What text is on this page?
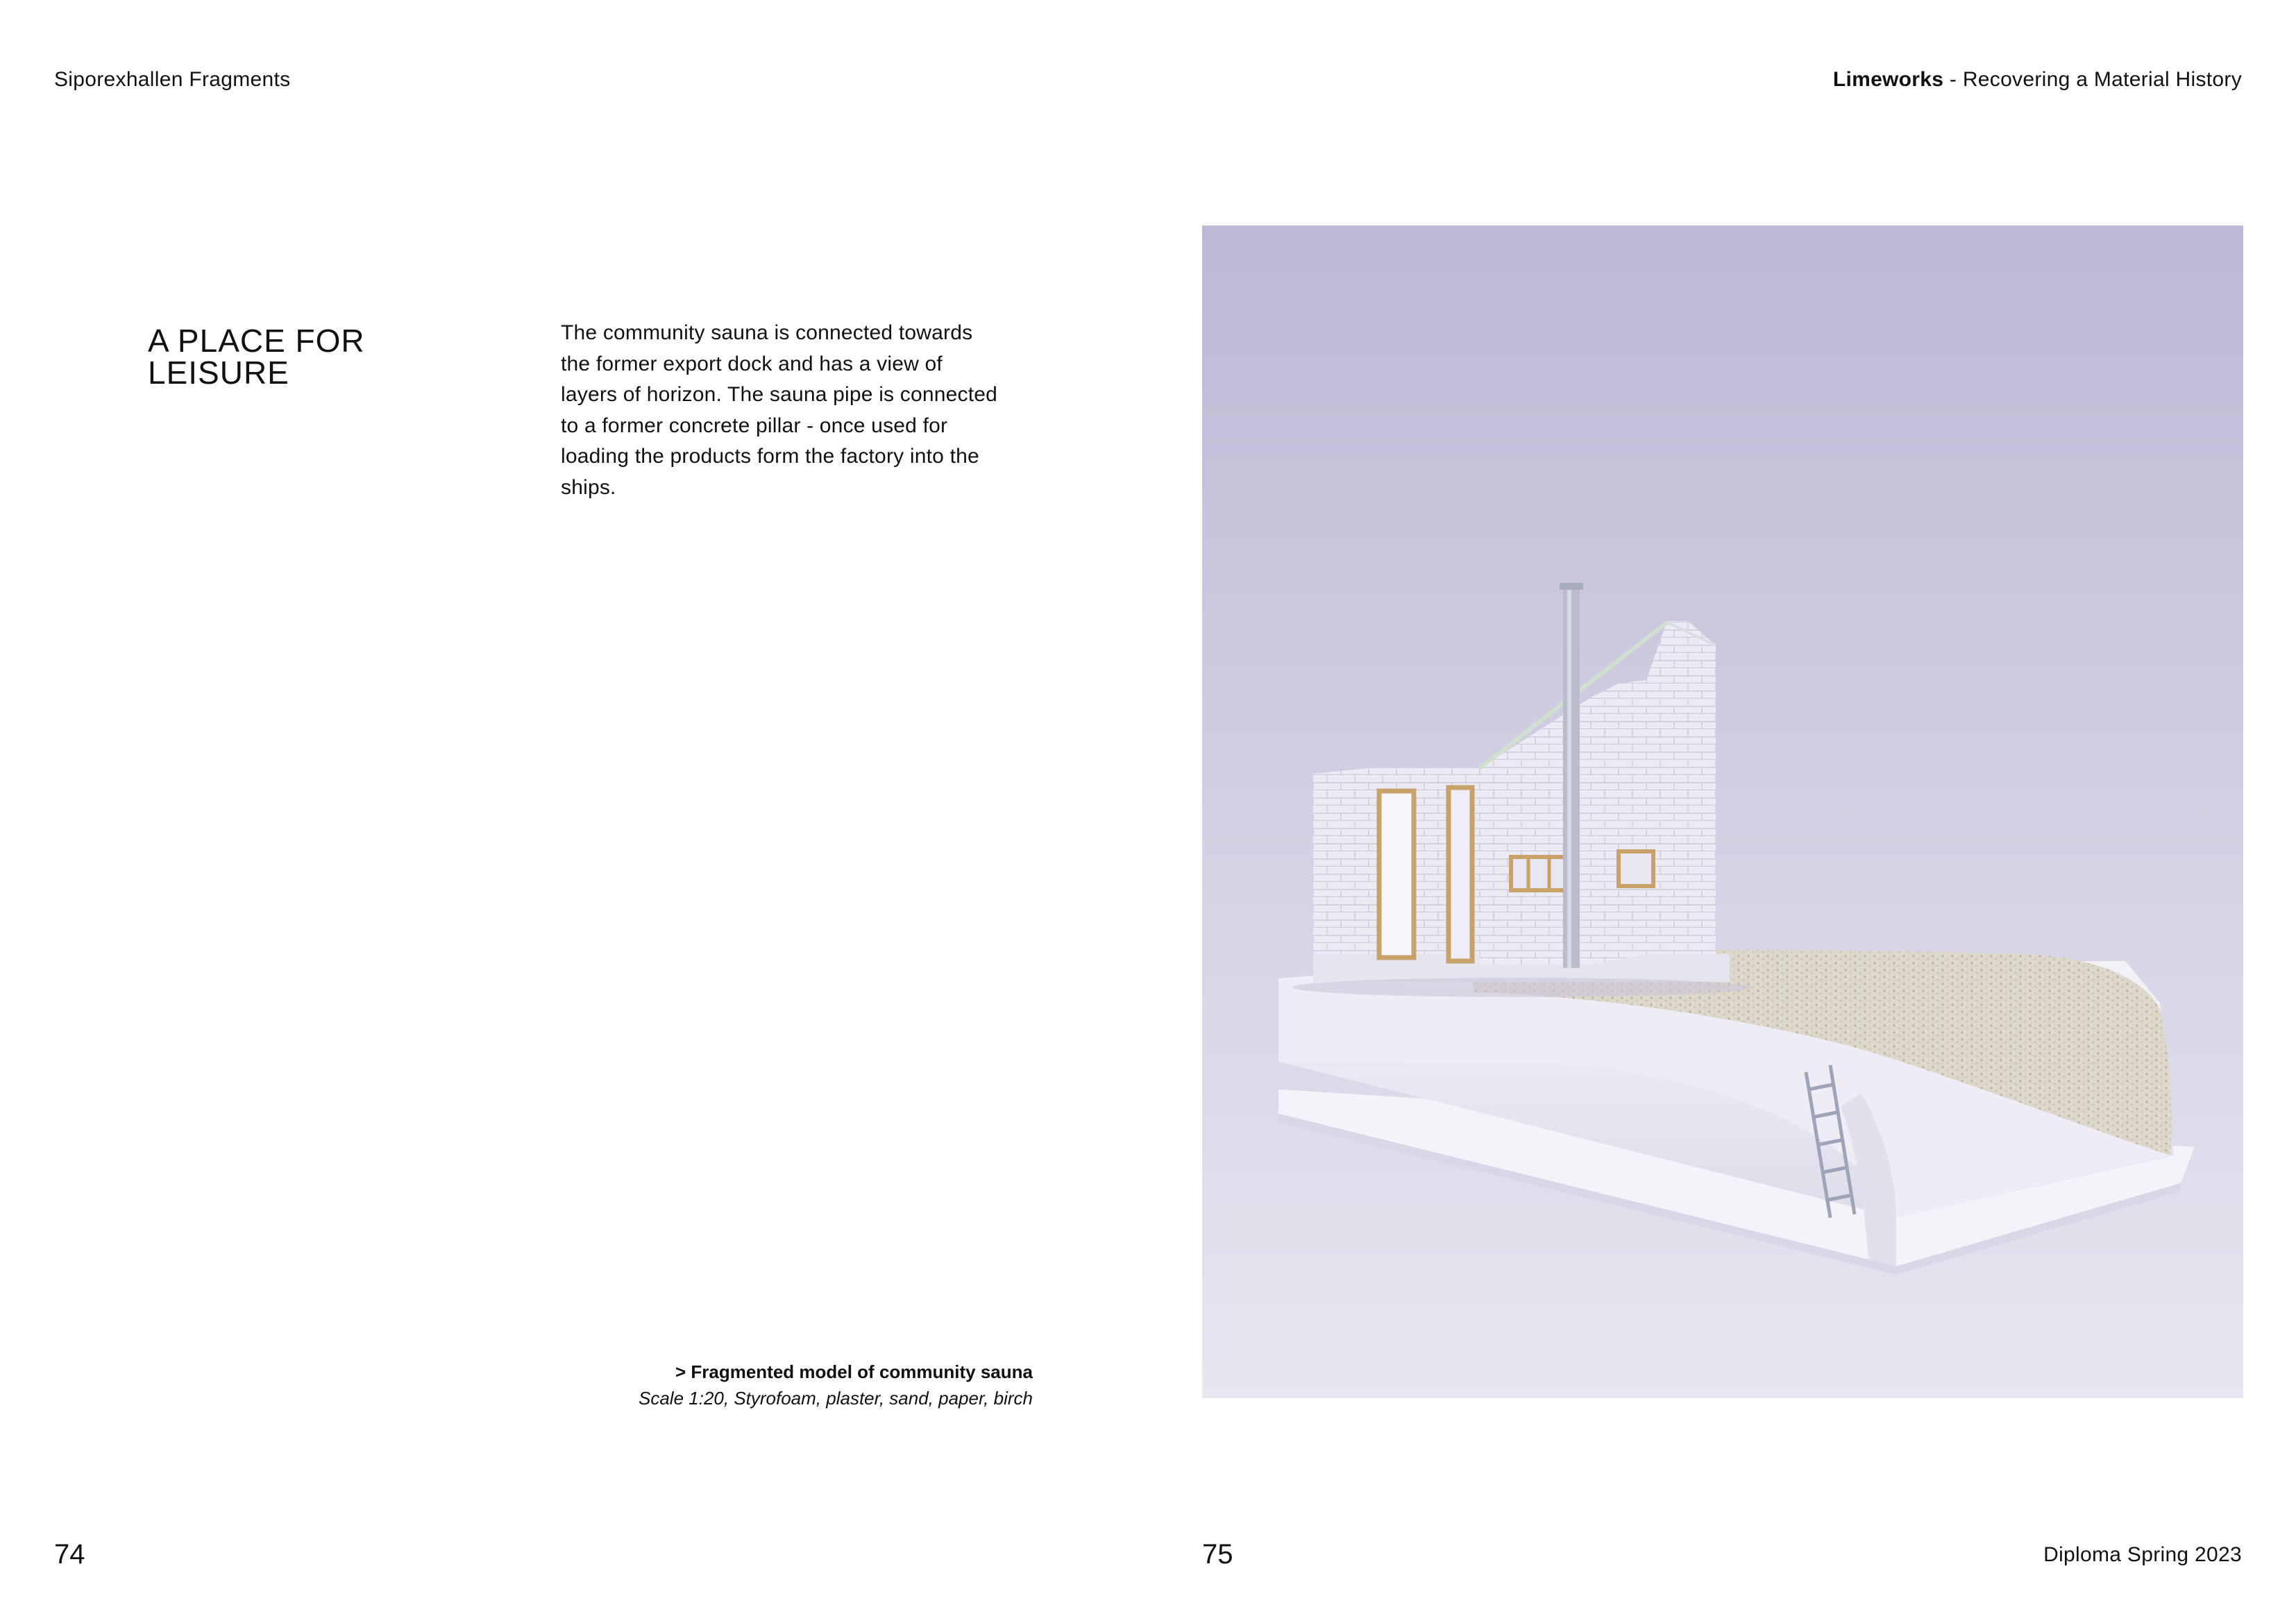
Siporexhallen Fragments	Limeworks - Recovering a Material History
A PLACE FOR
LEISURE

The community sauna is connected towards
the former export dock and has a view of
layers of horizon. The sauna pipe is connected
to a former concrete pillar - once used for
loading the products form the factory into the
ships.

> Fragmented model of community sauna
Scale 1:20, Styrofoam, plaster, sand, paper, birch
74	75	Diploma Spring 2023
